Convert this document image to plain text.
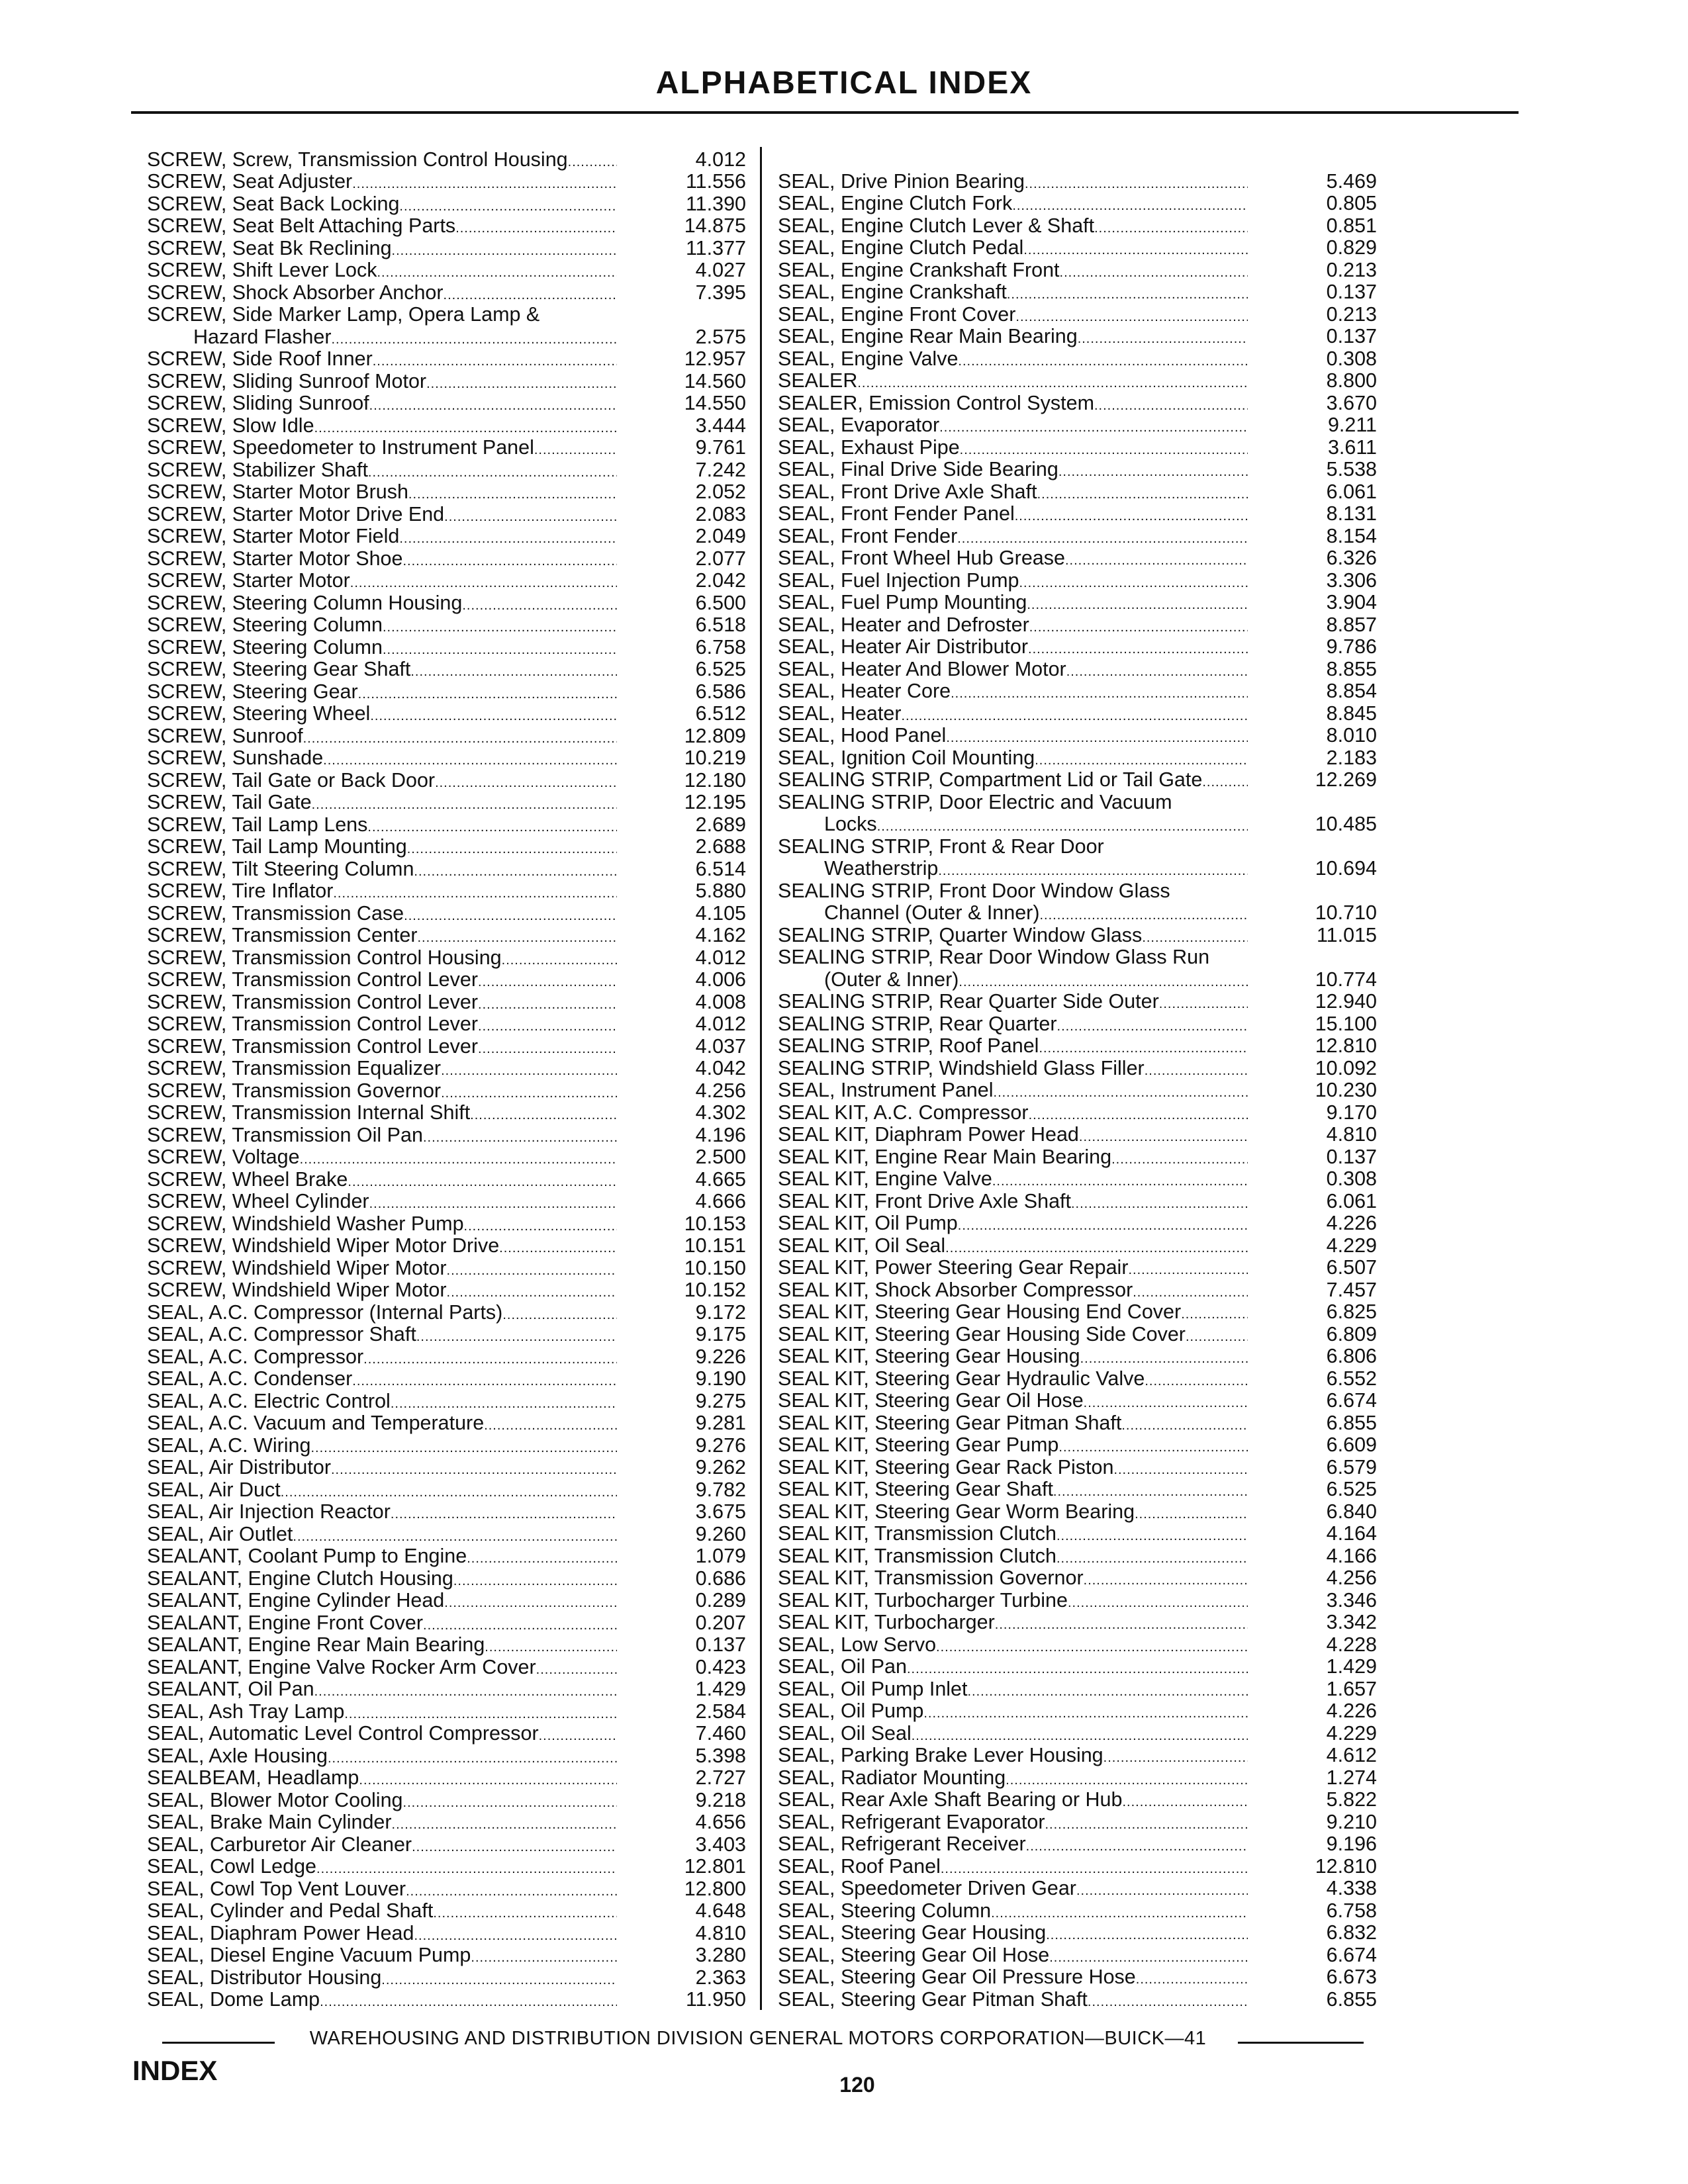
ALPHABETICAL INDEX
SCREW, Screw, Transmission Control Housing .....	4.012
SCREW, Seat Adjuster .....	11.556
SCREW, Seat Back Locking .....	11.390
SCREW, Seat Belt Attaching Parts .....	14.875
SCREW, Seat Bk Reclining .....	11.377
SCREW, Shift Lever Lock .....	4.027
SCREW, Shock Absorber Anchor .....	7.395
SCREW, Side Marker Lamp, Opera Lamp &
Hazard Flasher .....	2.575
SCREW, Side Roof Inner .....	12.957
SCREW, Sliding Sunroof Motor .....	14.560
SCREW, Sliding Sunroof .....	14.550
SCREW, Slow Idle .....	3.444
SCREW, Speedometer to Instrument Panel .....	9.761
SCREW, Stabilizer Shaft .....	7.242
SCREW, Starter Motor Brush .....	2.052
SCREW, Starter Motor Drive End .....	2.083
SCREW, Starter Motor Field .....	2.049
SCREW, Starter Motor Shoe .....	2.077
SCREW, Starter Motor .....	2.042
SCREW, Steering Column Housing .....	6.500
SCREW, Steering Column .....	6.518
SCREW, Steering Column .....	6.758
SCREW, Steering Gear Shaft .....	6.525
SCREW, Steering Gear .....	6.586
SCREW, Steering Wheel .....	6.512
SCREW, Sunroof .....	12.809
SCREW, Sunshade .....	10.219
SCREW, Tail Gate or Back Door .....	12.180
SCREW, Tail Gate .....	12.195
SCREW, Tail Lamp Lens .....	2.689
SCREW, Tail Lamp Mounting .....	2.688
SCREW, Tilt Steering Column .....	6.514
SCREW, Tire Inflator .....	5.880
SCREW, Transmission Case .....	4.105
SCREW, Transmission Center .....	4.162
SCREW, Transmission Control Housing .....	4.012
SCREW, Transmission Control Lever .....	4.006
SCREW, Transmission Control Lever .....	4.008
SCREW, Transmission Control Lever .....	4.012
SCREW, Transmission Control Lever .....	4.037
SCREW, Transmission Equalizer .....	4.042
SCREW, Transmission Governor .....	4.256
SCREW, Transmission Internal Shift .....	4.302
SCREW, Transmission Oil Pan .....	4.196
SCREW, Voltage .....	2.500
SCREW, Wheel Brake .....	4.665
SCREW, Wheel Cylinder .....	4.666
SCREW, Windshield Washer Pump .....	10.153
SCREW, Windshield Wiper Motor Drive .....	10.151
SCREW, Windshield Wiper Motor .....	10.150
SCREW, Windshield Wiper Motor .....	10.152
SEAL, A.C. Compressor (Internal Parts) .....	9.172
SEAL, A.C. Compressor Shaft .....	9.175
SEAL, A.C. Compressor .....	9.226
SEAL, A.C. Condenser .....	9.190
SEAL, A.C. Electric Control .....	9.275
SEAL, A.C. Vacuum and Temperature .....	9.281
SEAL, A.C. Wiring .....	9.276
SEAL, Air Distributor .....	9.262
SEAL, Air Duct .....	9.782
SEAL, Air Injection Reactor .....	3.675
SEAL, Air Outlet .....	9.260
SEALANT, Coolant Pump to Engine .....	1.079
SEALANT, Engine Clutch Housing .....	0.686
SEALANT, Engine Cylinder Head .....	0.289
SEALANT, Engine Front Cover .....	0.207
SEALANT, Engine Rear Main Bearing .....	0.137
SEALANT, Engine Valve Rocker Arm Cover .....	0.423
SEALANT, Oil Pan .....	1.429
SEAL, Ash Tray Lamp .....	2.584
SEAL, Automatic Level Control Compressor .....	7.460
SEAL, Axle Housing .....	5.398
SEALBEAM, Headlamp .....	2.727
SEAL, Blower Motor Cooling .....	9.218
SEAL, Brake Main Cylinder .....	4.656
SEAL, Carburetor Air Cleaner .....	3.403
SEAL, Cowl Ledge .....	12.801
SEAL, Cowl Top Vent Louver .....	12.800
SEAL, Cylinder and Pedal Shaft .....	4.648
SEAL, Diaphram Power Head .....	4.810
SEAL, Diesel Engine Vacuum Pump .....	3.280
SEAL, Distributor Housing .....	2.363
SEAL, Dome Lamp .....	11.950
SEAL, Drive Pinion Bearing .....	5.469
SEAL, Engine Clutch Fork .....	0.805
SEAL, Engine Clutch Lever & Shaft .....	0.851
SEAL, Engine Clutch Pedal .....	0.829
SEAL, Engine Crankshaft Front .....	0.213
SEAL, Engine Crankshaft .....	0.137
SEAL, Engine Front Cover .....	0.213
SEAL, Engine Rear Main Bearing .....	0.137
SEAL, Engine Valve .....	0.308
SEALER .....	8.800
SEALER, Emission Control System .....	3.670
SEAL, Evaporator .....	9.211
SEAL, Exhaust Pipe .....	3.611
SEAL, Final Drive Side Bearing .....	5.538
SEAL, Front Drive Axle Shaft .....	6.061
SEAL, Front Fender Panel .....	8.131
SEAL, Front Fender .....	8.154
SEAL, Front Wheel Hub Grease .....	6.326
SEAL, Fuel Injection Pump .....	3.306
SEAL, Fuel Pump Mounting .....	3.904
SEAL, Heater and Defroster .....	8.857
SEAL, Heater Air Distributor .....	9.786
SEAL, Heater And Blower Motor .....	8.855
SEAL, Heater Core .....	8.854
SEAL, Heater .....	8.845
SEAL, Hood Panel .....	8.010
SEAL, Ignition Coil Mounting .....	2.183
SEALING STRIP, Compartment Lid or Tail Gate .....	12.269
SEALING STRIP, Door Electric and Vacuum
Locks .....	10.485
SEALING STRIP, Front & Rear Door
Weatherstrip .....	10.694
SEALING STRIP, Front Door Window Glass
Channel (Outer & Inner) .....	10.710
SEALING STRIP, Quarter Window Glass .....	11.015
SEALING STRIP, Rear Door Window Glass Run
(Outer & Inner) .....	10.774
SEALING STRIP, Rear Quarter Side Outer .....	12.940
SEALING STRIP, Rear Quarter .....	15.100
SEALING STRIP, Roof Panel .....	12.810
SEALING STRIP, Windshield Glass Filler .....	10.092
SEAL, Instrument Panel .....	10.230
SEAL KIT, A.C. Compressor .....	9.170
SEAL KIT, Diaphram Power Head .....	4.810
SEAL KIT, Engine Rear Main Bearing .....	0.137
SEAL KIT, Engine Valve .....	0.308
SEAL KIT, Front Drive Axle Shaft .....	6.061
SEAL KIT, Oil Pump .....	4.226
SEAL KIT, Oil Seal .....	4.229
SEAL KIT, Power Steering Gear Repair .....	6.507
SEAL KIT, Shock Absorber Compressor .....	7.457
SEAL KIT, Steering Gear Housing End Cover .....	6.825
SEAL KIT, Steering Gear Housing Side Cover .....	6.809
SEAL KIT, Steering Gear Housing .....	6.806
SEAL KIT, Steering Gear Hydraulic Valve .....	6.552
SEAL KIT, Steering Gear Oil Hose .....	6.674
SEAL KIT, Steering Gear Pitman Shaft .....	6.855
SEAL KIT, Steering Gear Pump .....	6.609
SEAL KIT, Steering Gear Rack Piston .....	6.579
SEAL KIT, Steering Gear Shaft .....	6.525
SEAL KIT, Steering Gear Worm Bearing .....	6.840
SEAL KIT, Transmission Clutch .....	4.164
SEAL KIT, Transmission Clutch .....	4.166
SEAL KIT, Transmission Governor .....	4.256
SEAL KIT, Turbocharger Turbine .....	3.346
SEAL KIT, Turbocharger .....	3.342
SEAL, Low Servo .....	4.228
SEAL, Oil Pan .....	1.429
SEAL, Oil Pump Inlet .....	1.657
SEAL, Oil Pump .....	4.226
SEAL, Oil Seal .....	4.229
SEAL, Parking Brake Lever Housing .....	4.612
SEAL, Radiator Mounting .....	1.274
SEAL, Rear Axle Shaft Bearing or Hub .....	5.822
SEAL, Refrigerant Evaporator .....	9.210
SEAL, Refrigerant Receiver .....	9.196
SEAL, Roof Panel .....	12.810
SEAL, Speedometer Driven Gear .....	4.338
SEAL, Steering Column .....	6.758
SEAL, Steering Gear Housing .....	6.832
SEAL, Steering Gear Oil Hose .....	6.674
SEAL, Steering Gear Oil Pressure Hose .....	6.673
SEAL, Steering Gear Pitman Shaft .....	6.855
WAREHOUSING AND DISTRIBUTION DIVISION GENERAL MOTORS CORPORATION—BUICK—41
INDEX	120
